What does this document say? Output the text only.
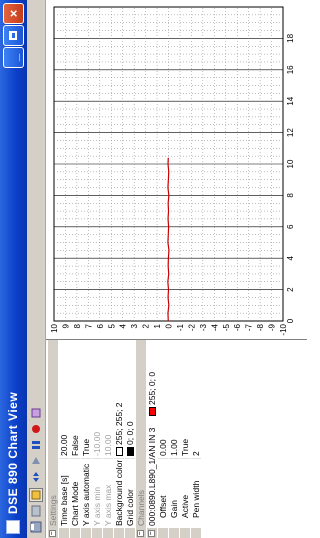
DSE 890 Chart View
_
×
−
Settings Time base [s]
20.00
Chart Mode
False
Y axis automatic
True
Y axis min
-10.00
Y axis max
10.00
Background color
255; 255; 2
Grid color
0; 0; 0
−
Channels
−
000:0890.L890_1/AN IN 3
255; 0; 0
Offset
0.00
Gain
1.00
Active
True
Pen width
2
10 9 8 7 6 5 4 3 2 1 0 -1 -2 -3 -4 -5 -6 -7 -8 -9 -10
0
2
4
6
8
10
12
14
16
18
